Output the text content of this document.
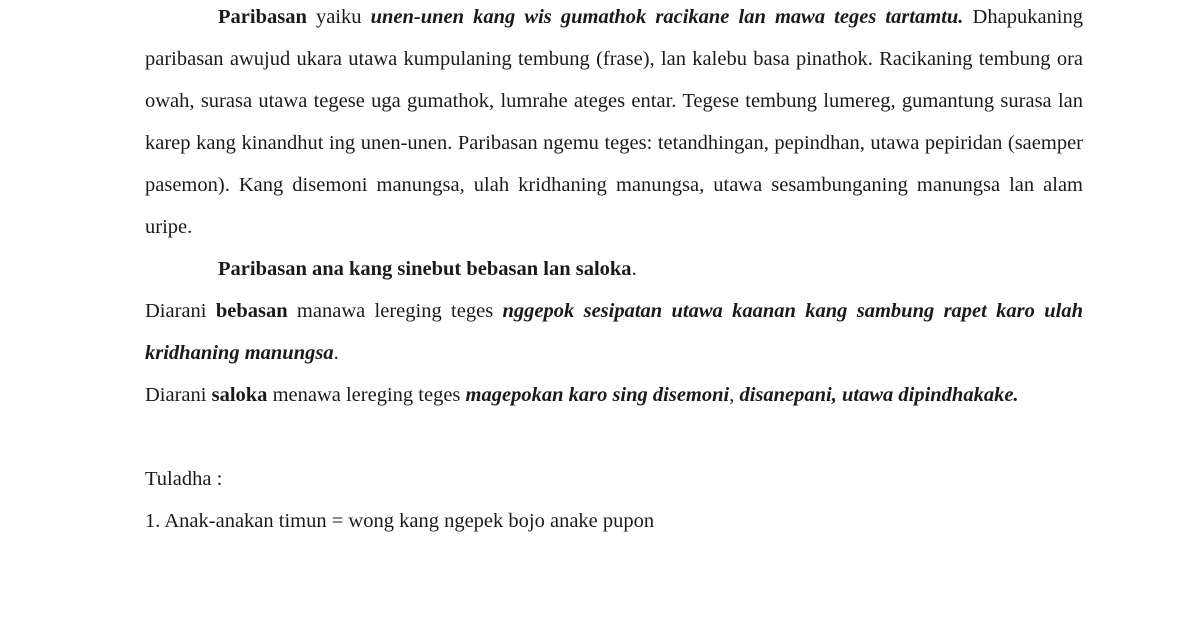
Paribasan yaiku unen-unen kang wis gumathok racikane lan mawa teges tartamtu. Dhapukaning paribasan awujud ukara utawa kumpulaning tembung (frase), lan kalebu basa pinathok. Racikaning tembung ora owah, surasa utawa tegese uga gumathok, lumrahe ateges entar. Tegese tembung lumereg, gumantung surasa lan karep kang kinandhut ing unen-unen. Paribasan ngemu teges: tetandhingan, pepindhan, utawa pepiridan (saemper pasemon). Kang disemoni manungsa, ulah kridhaning manungsa, utawa sesambunganing manungsa lan alam uripe.

Paribasan ana kang sinebut bebasan lan saloka.

Diarani bebasan manawa lereging teges nggepok sesipatan utawa kaanan kang sambung rapet karo ulah kridhaning manungsa.

Diarani saloka menawa lereging teges magepokan karo sing disemoni, disanepani, utawa dipindhakake.

Tuladha :

1. Anak-anakan timun = wong kang ngepek bojo anake pupon
